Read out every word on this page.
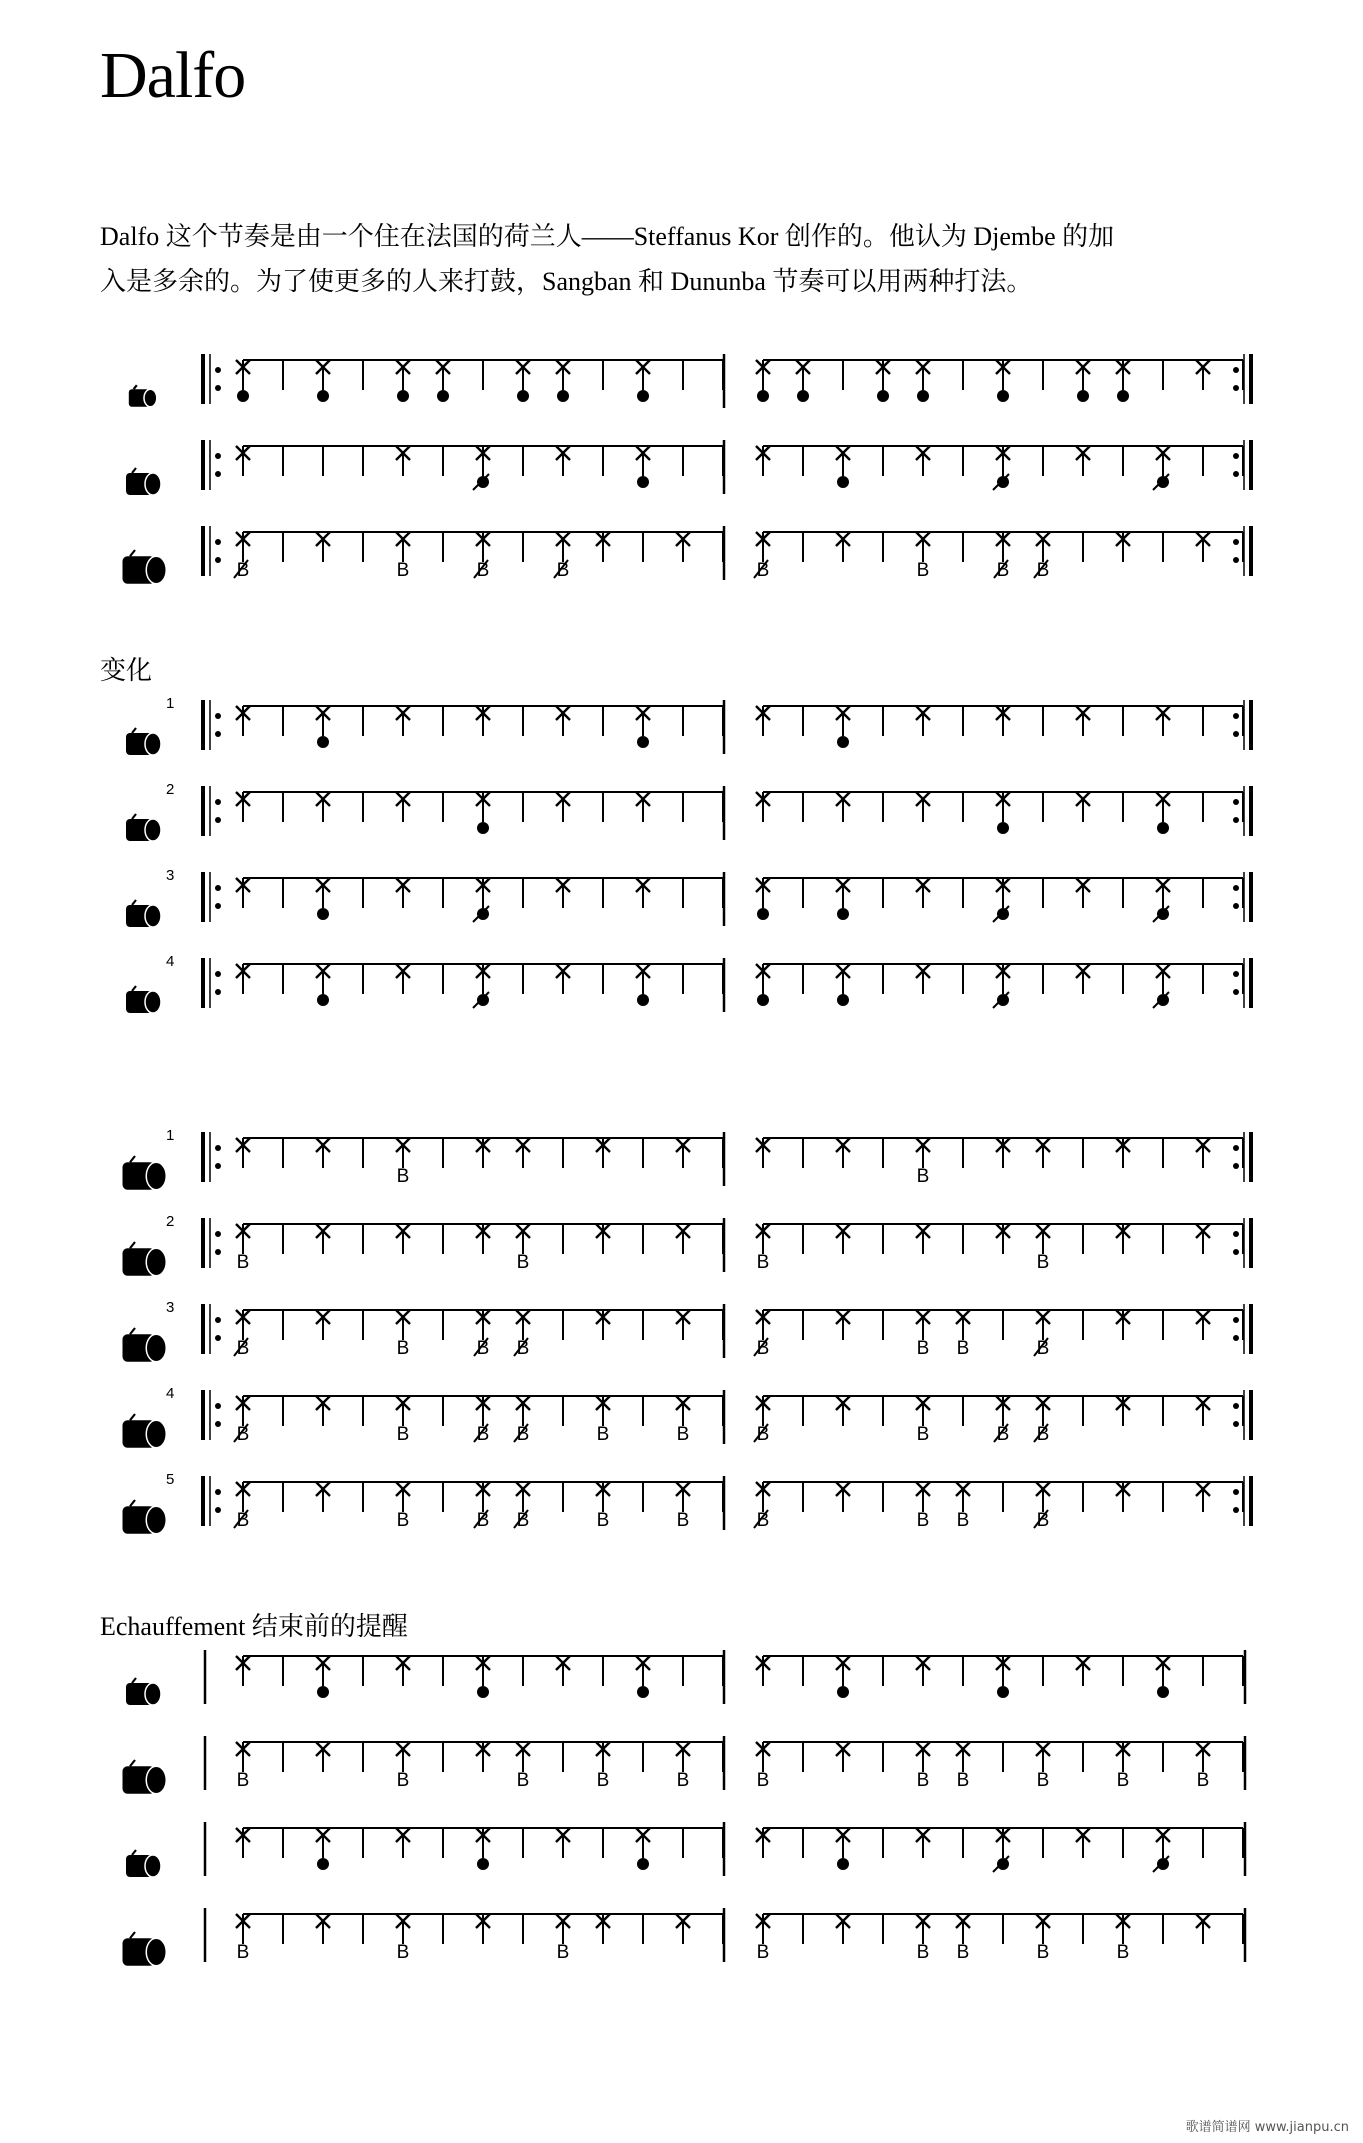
Dalfo
Dalfo 这个节奏是由一个住在法国的荷兰人——Steffanus Kor 创作的。他认为 Djembe 的加
入是多余的。为了使更多的人来打鼓，Sangban 和 Dununba 节奏可以用两种打法。
变化
Echauffement 结束前的提醒
歌谱简谱网 www.jianpu.cn
B	B	B	B	B	B	B B
1
2
3
4
1
B	B
2
B	B	B	B
3
B	B	B B	B	B B	B
4
B	B	B B	B	B	B	B	B B
5
B	B	B B	B	B	B	B B	B
B	B	B	B	B	B	B B	B	B	B
B	B	B	B	B B	B	B
